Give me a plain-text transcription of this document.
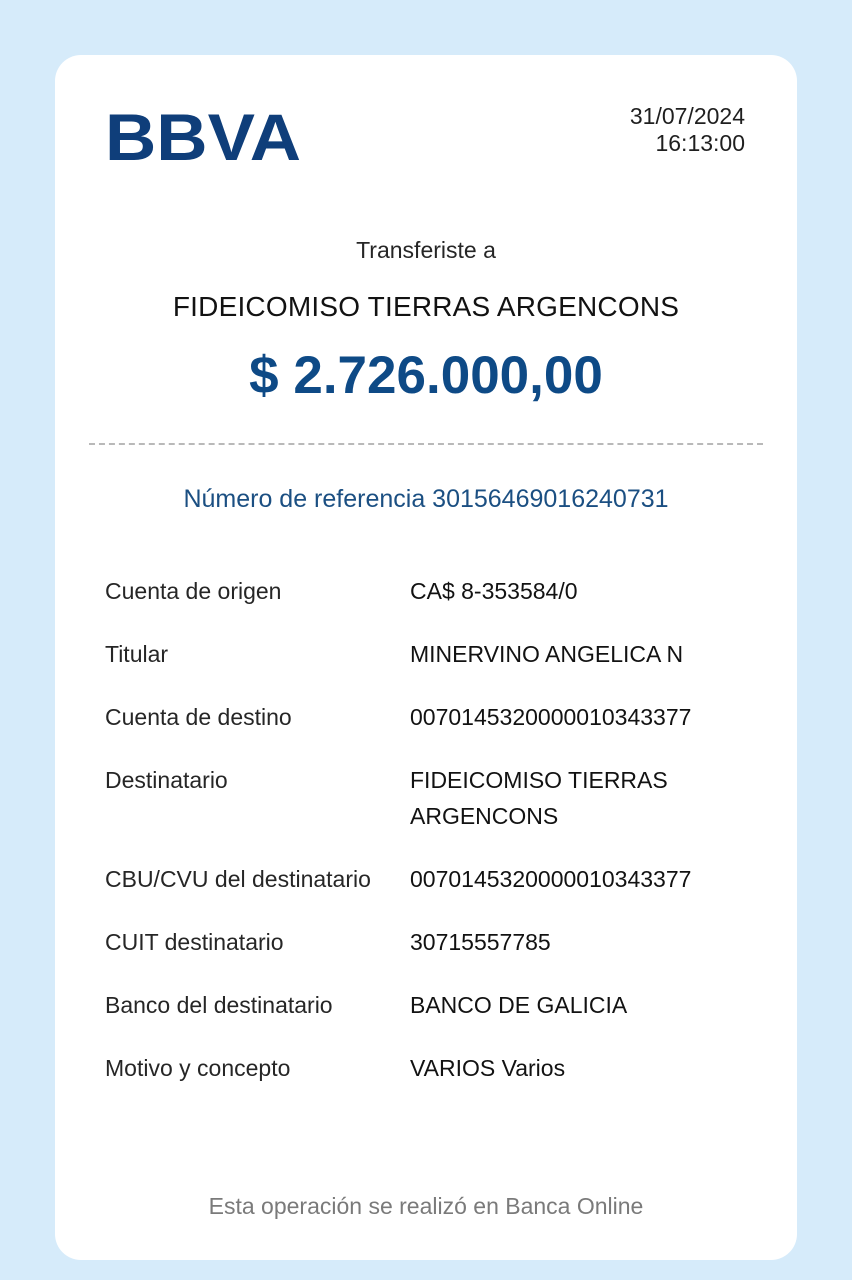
BBVA	31/07/2024
16:13:00
Transferiste a
FIDEICOMISO TIERRAS ARGENCONS
$ 2.726.000,00
Número de referencia 30156469016240731
Cuenta de origen	CA$ 8-353584/0
Titular	MINERVINO ANGELICA N
Cuenta de destino	0070145320000010343377
Destinatario	FIDEICOMISO TIERRAS ARGENCONS
CBU/CVU del destinatario	0070145320000010343377
CUIT destinatario	30715557785
Banco del destinatario	BANCO DE GALICIA
Motivo y concepto	VARIOS Varios
Esta operación se realizó en Banca Online
